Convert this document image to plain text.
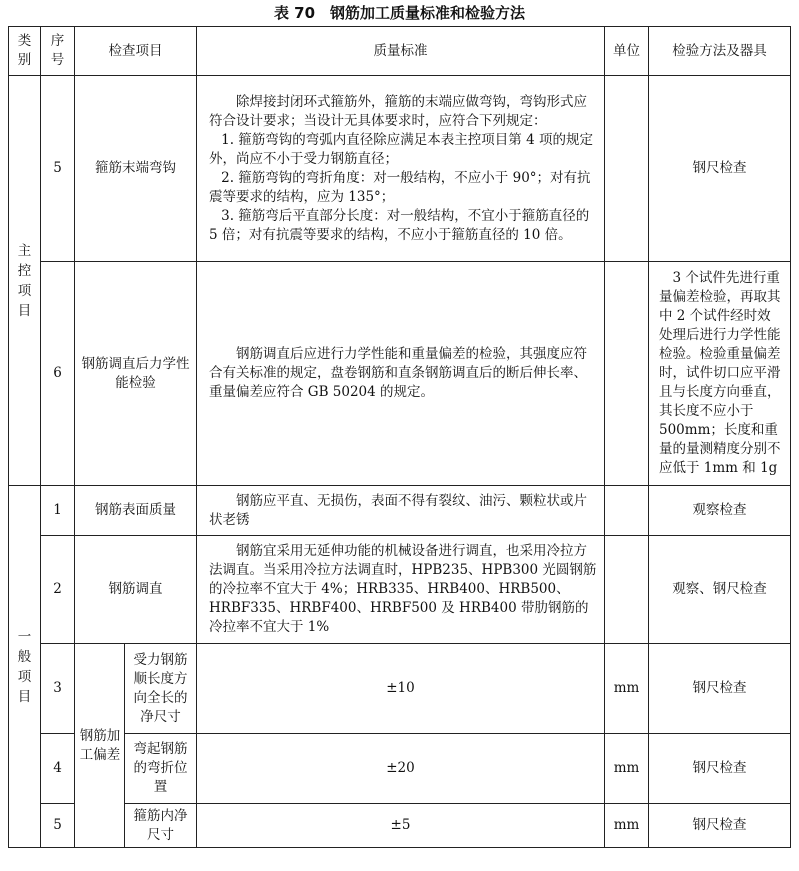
表 70　钢筋加工质量标准和检验方法
类别	序号	检查项目		质量标准	单位	检验方法及器具
主控项目	5	箍筋末端弯钩		除焊接封闭环式箍筋外，箍筋的末端应做弯钩，弯钩形式应符合设计要求；当设计无具体要求时，应符合下列规定：

1. 箍筋弯钩的弯弧内直径除应满足本表主控项目第 4 项的规定外，尚应不小于受力钢筋直径；

2. 箍筋弯钩的弯折角度：对一般结构，不应小于 90°；对有抗震等要求的结构，应为 135°；

3. 箍筋弯后平直部分长度：对一般结构，不宜小于箍筋直径的 5 倍；对有抗震等要求的结构，不应小于箍筋直径的 10 倍。		钢尺检查
	6	钢筋调直后力学性能检验		钢筋调直后应进行力学性能和重量偏差的检验，其强度应符合有关标准的规定，盘卷钢筋和直条钢筋调直后的断后伸长率、重量偏差应符合 GB 50204 的规定。		3 个试件先进行重量偏差检验，再取其中 2 个试件经时效处理后进行力学性能检验。检验重量偏差时，试件切口应平滑且与长度方向垂直，其长度不应小于 500mm；长度和重量的量测精度分别不应低于 1mm 和 1g

一般项目	1	钢筋表面质量		钢筋应平直、无损伤，表面不得有裂纹、油污、颗粒状或片状老锈		观察检查
	2	钢筋调直		钢筋宜采用无延伸功能的机械设备进行调直，也采用冷拉方法调直。当采用冷拉方法调直时，HPB235、HPB300 光圆钢筋的冷拉率不宜大于 4%；HRB335、HRB400、HRB500、HRBF335、HRBF400、HRBF500 及 HRB400 带肋钢筋的冷拉率不宜大于 1%		观察、钢尺检查
	3	钢筋加工偏差	受力钢筋顺长度方向全长的净尺寸	±10	mm	钢尺检查
	4		弯起钢筋的弯折位置	±20	mm	钢尺检查
	5		箍筋内净尺寸	±5	mm	钢尺检查
